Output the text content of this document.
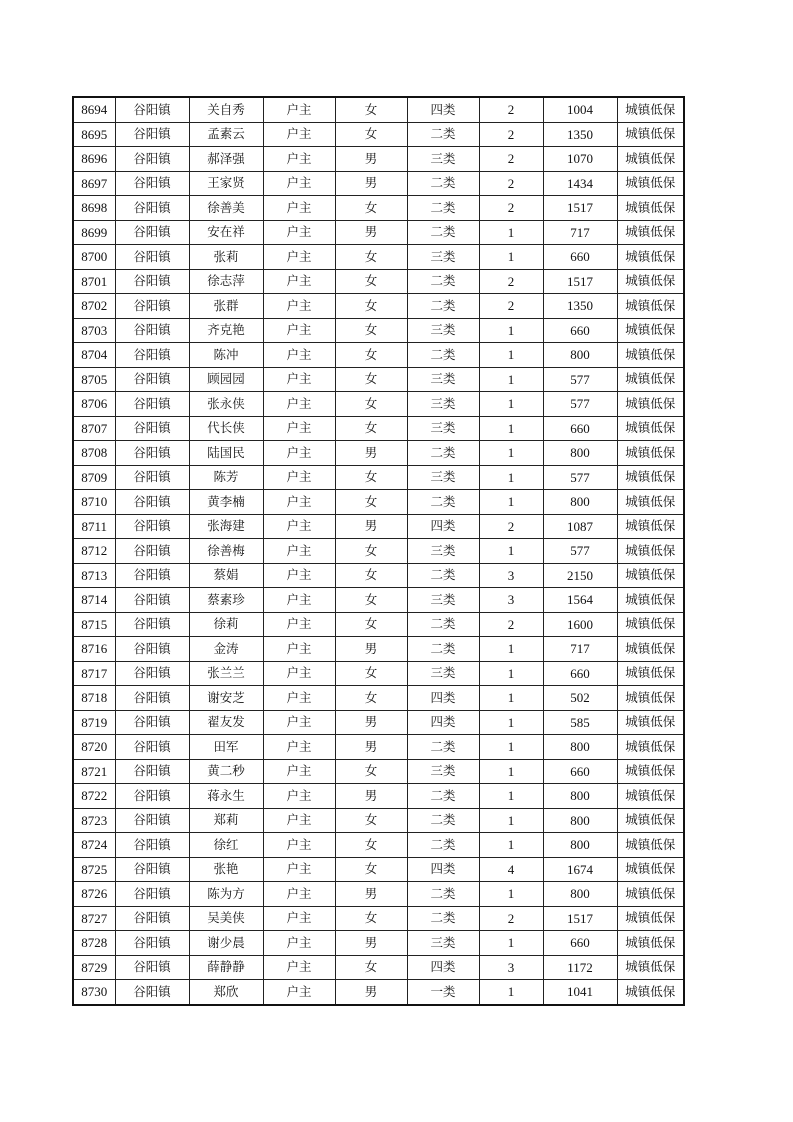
8694	谷阳镇	关自秀	户主	女	四类	2	1004	城镇低保
8695	谷阳镇	孟素云	户主	女	二类	2	1350	城镇低保
8696	谷阳镇	郝泽强	户主	男	三类	2	1070	城镇低保
8697	谷阳镇	王家贤	户主	男	二类	2	1434	城镇低保
8698	谷阳镇	徐善美	户主	女	二类	2	1517	城镇低保
8699	谷阳镇	安在祥	户主	男	二类	1	717	城镇低保
8700	谷阳镇	张莉	户主	女	三类	1	660	城镇低保
8701	谷阳镇	徐志萍	户主	女	二类	2	1517	城镇低保
8702	谷阳镇	张群	户主	女	二类	2	1350	城镇低保
8703	谷阳镇	齐克艳	户主	女	三类	1	660	城镇低保
8704	谷阳镇	陈冲	户主	女	二类	1	800	城镇低保
8705	谷阳镇	顾园园	户主	女	三类	1	577	城镇低保
8706	谷阳镇	张永侠	户主	女	三类	1	577	城镇低保
8707	谷阳镇	代长侠	户主	女	三类	1	660	城镇低保
8708	谷阳镇	陆国民	户主	男	二类	1	800	城镇低保
8709	谷阳镇	陈芳	户主	女	三类	1	577	城镇低保
8710	谷阳镇	黄李楠	户主	女	二类	1	800	城镇低保
8711	谷阳镇	张海建	户主	男	四类	2	1087	城镇低保
8712	谷阳镇	徐善梅	户主	女	三类	1	577	城镇低保
8713	谷阳镇	蔡娟	户主	女	二类	3	2150	城镇低保
8714	谷阳镇	蔡素珍	户主	女	三类	3	1564	城镇低保
8715	谷阳镇	徐莉	户主	女	二类	2	1600	城镇低保
8716	谷阳镇	金涛	户主	男	二类	1	717	城镇低保
8717	谷阳镇	张兰兰	户主	女	三类	1	660	城镇低保
8718	谷阳镇	谢安芝	户主	女	四类	1	502	城镇低保
8719	谷阳镇	翟友发	户主	男	四类	1	585	城镇低保
8720	谷阳镇	田军	户主	男	二类	1	800	城镇低保
8721	谷阳镇	黄二秒	户主	女	三类	1	660	城镇低保
8722	谷阳镇	蒋永生	户主	男	二类	1	800	城镇低保
8723	谷阳镇	郑莉	户主	女	二类	1	800	城镇低保
8724	谷阳镇	徐红	户主	女	二类	1	800	城镇低保
8725	谷阳镇	张艳	户主	女	四类	4	1674	城镇低保
8726	谷阳镇	陈为方	户主	男	二类	1	800	城镇低保
8727	谷阳镇	吴美侠	户主	女	二类	2	1517	城镇低保
8728	谷阳镇	谢少晨	户主	男	三类	1	660	城镇低保
8729	谷阳镇	薛静静	户主	女	四类	3	1172	城镇低保
8730	谷阳镇	郑欣	户主	男	一类	1	1041	城镇低保
